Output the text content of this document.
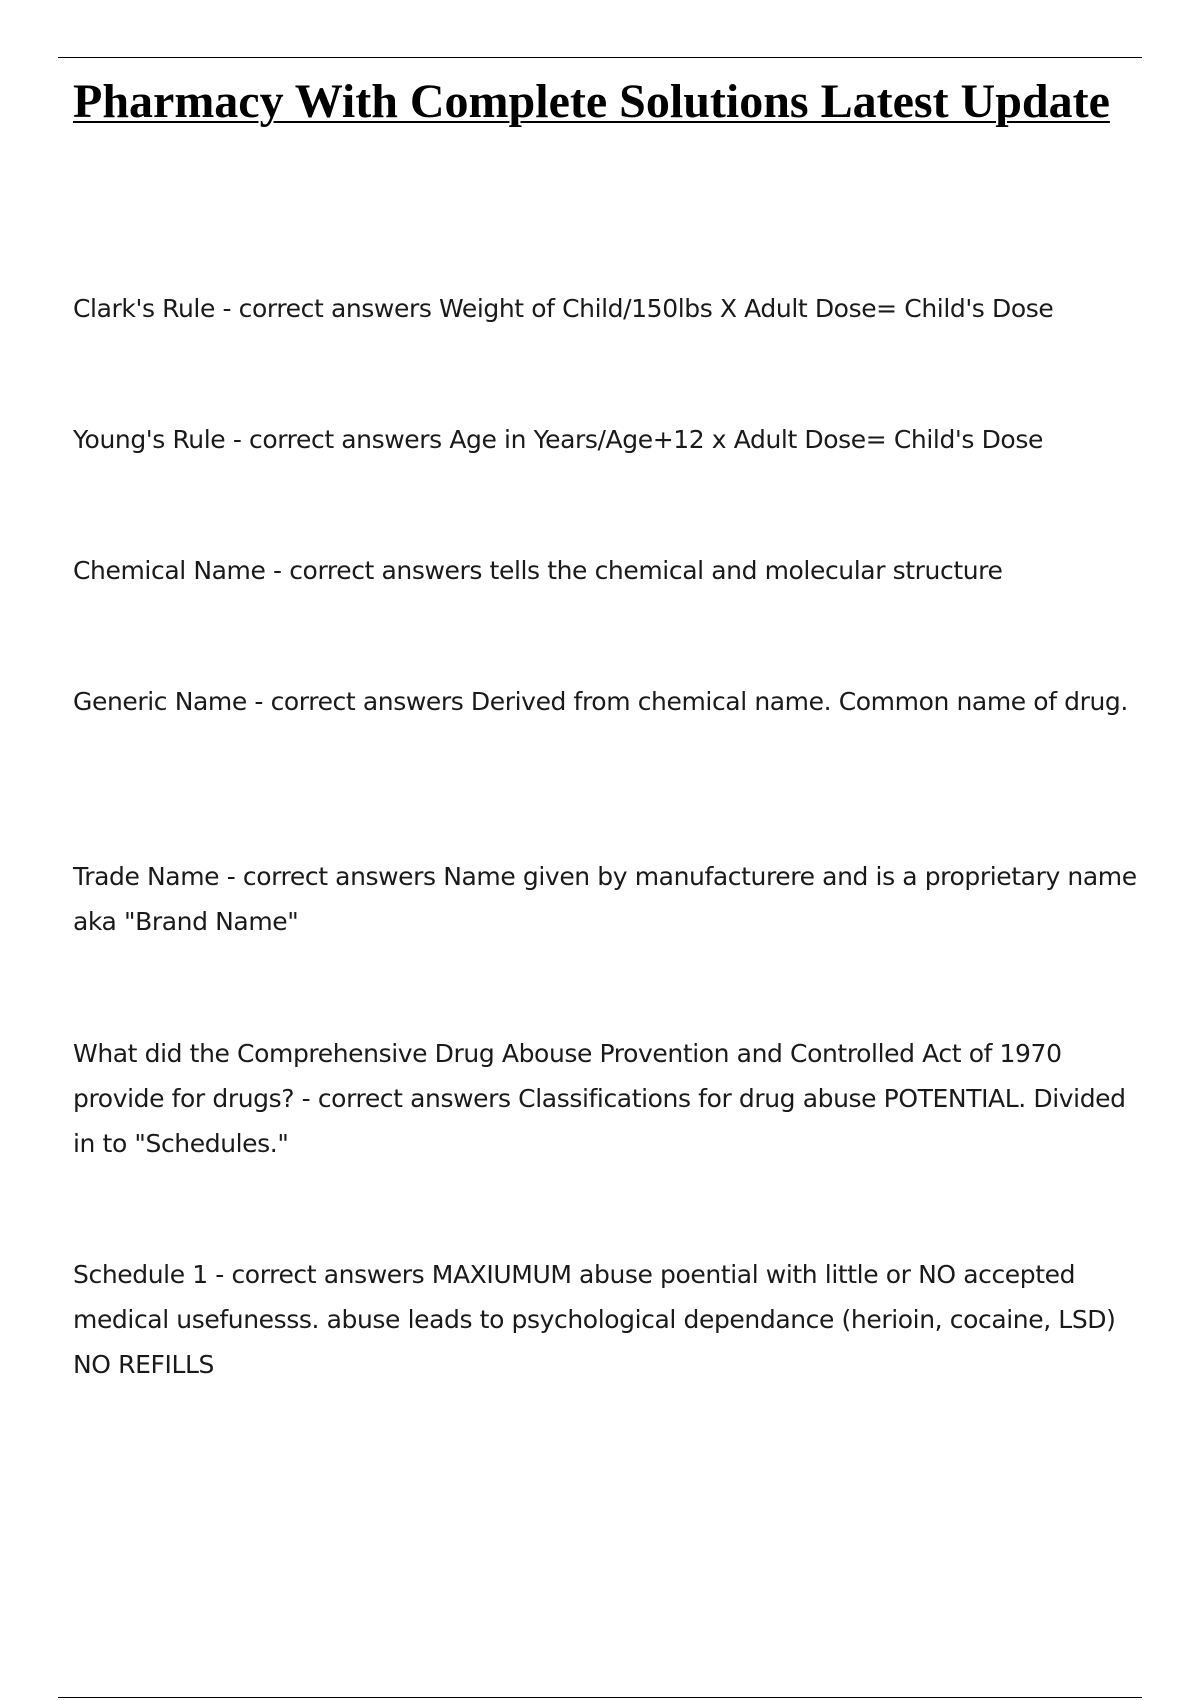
Pharmacy With Complete Solutions Latest Update

Clark's Rule - correct answers Weight of Child/150lbs X Adult Dose= Child's Dose

Young's Rule - correct answers Age in Years/Age+12 x Adult Dose= Child's Dose

Chemical Name - correct answers tells the chemical and molecular structure

Generic Name - correct answers Derived from chemical name. Common name of drug.

Trade Name - correct answers Name given by manufacturere and is a proprietary name aka "Brand Name"

What did the Comprehensive Drug Abouse Provention and Controlled Act of 1970 provide for drugs? - correct answers Classifications for drug abuse POTENTIAL. Divided in to "Schedules."

Schedule 1 - correct answers MAXIUMUM abuse poential with little or NO accepted medical usefunesss. abuse leads to psychological dependance (herioin, cocaine, LSD) NO REFILLS
